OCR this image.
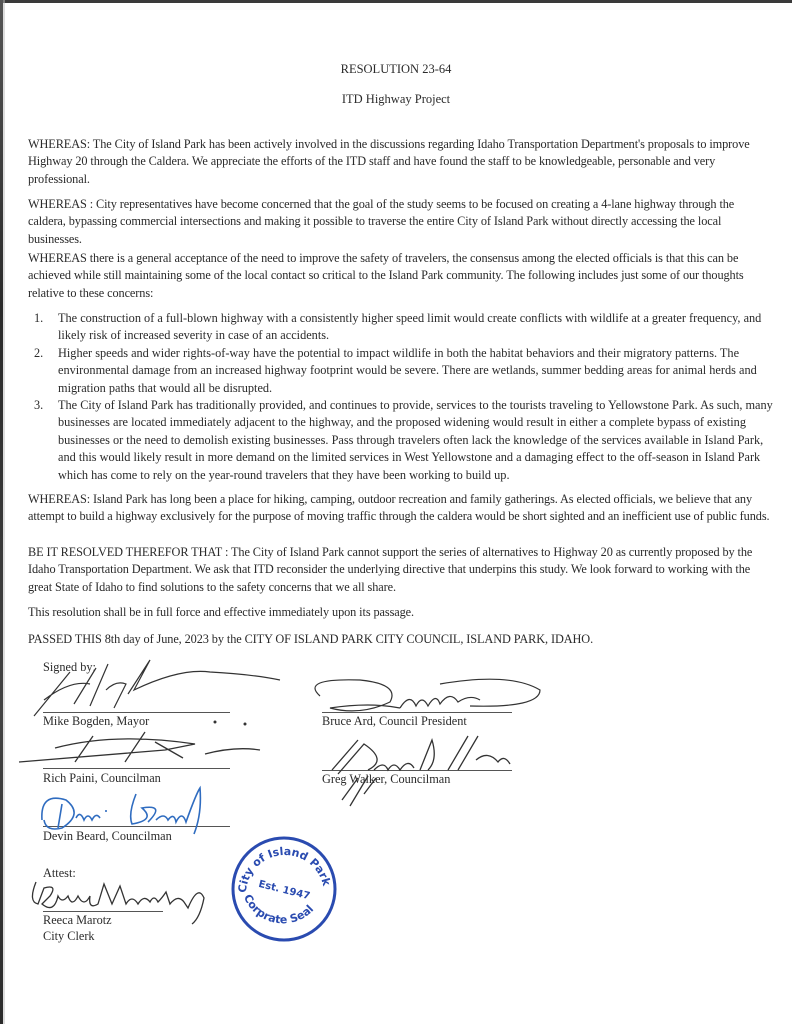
RESOLUTION 23-64
ITD Highway Project
WHEREAS: The City of Island Park has been actively involved in the discussions regarding Idaho Transportation Department's proposals to improve Highway 20 through the Caldera. We appreciate the efforts of the ITD staff and have found the staff to be knowledgeable, personable and very professional.
WHEREAS : City representatives have become concerned that the goal of the study seems to be focused on creating a 4-lane highway through the caldera, bypassing commercial intersections and making it possible to traverse the entire City of Island Park without directly accessing the local businesses.
WHEREAS there is a general acceptance of the need to improve the safety of travelers, the consensus among the elected officials is that this can be achieved while still maintaining some of the local contact so critical to the Island Park community. The following includes just some of our thoughts relative to these concerns:
1. The construction of a full-blown highway with a consistently higher speed limit would create conflicts with wildlife at a greater frequency, and likely risk of increased severity in case of an accidents.
2. Higher speeds and wider rights-of-way have the potential to impact wildlife in both the habitat behaviors and their migratory patterns. The environmental damage from an increased highway footprint would be severe. There are wetlands, summer bedding areas for animal herds and migration paths that would all be disrupted.
3. The City of Island Park has traditionally provided, and continues to provide, services to the tourists traveling to Yellowstone Park. As such, many businesses are located immediately adjacent to the highway, and the proposed widening would result in either a complete bypass of existing businesses or the need to demolish existing businesses. Pass through travelers often lack the knowledge of the services available in Island Park, and this would likely result in more demand on the limited services in West Yellowstone and a damaging effect to the off-season in Island Park which has come to rely on the year-round travelers that they have been working to build up.
WHEREAS: Island Park has long been a place for hiking, camping, outdoor recreation and family gatherings. As elected officials, we believe that any attempt to build a highway exclusively for the purpose of moving traffic through the caldera would be short sighted and an inefficient use of public funds.
BE IT RESOLVED THEREFOR THAT : The City of Island Park cannot support the series of alternatives to Highway 20 as currently proposed by the Idaho Transportation Department. We ask that ITD reconsider the underlying directive that underpins this study. We look forward to working with the great State of Idaho to find solutions to the safety concerns that we all share.
This resolution shall be in full force and effective immediately upon its passage.
PASSED THIS 8th day of June, 2023 by the CITY OF ISLAND PARK CITY COUNCIL, ISLAND PARK, IDAHO.
Signed by:
Mike Bogden, Mayor
Rich Paini, Councilman
Devin Beard, Councilman
Bruce Ard, Council President
Greg Walker, Councilman
Attest:
Reeca Marotz
City Clerk
City of Island Park
Est. 1947
Corprate Seal
